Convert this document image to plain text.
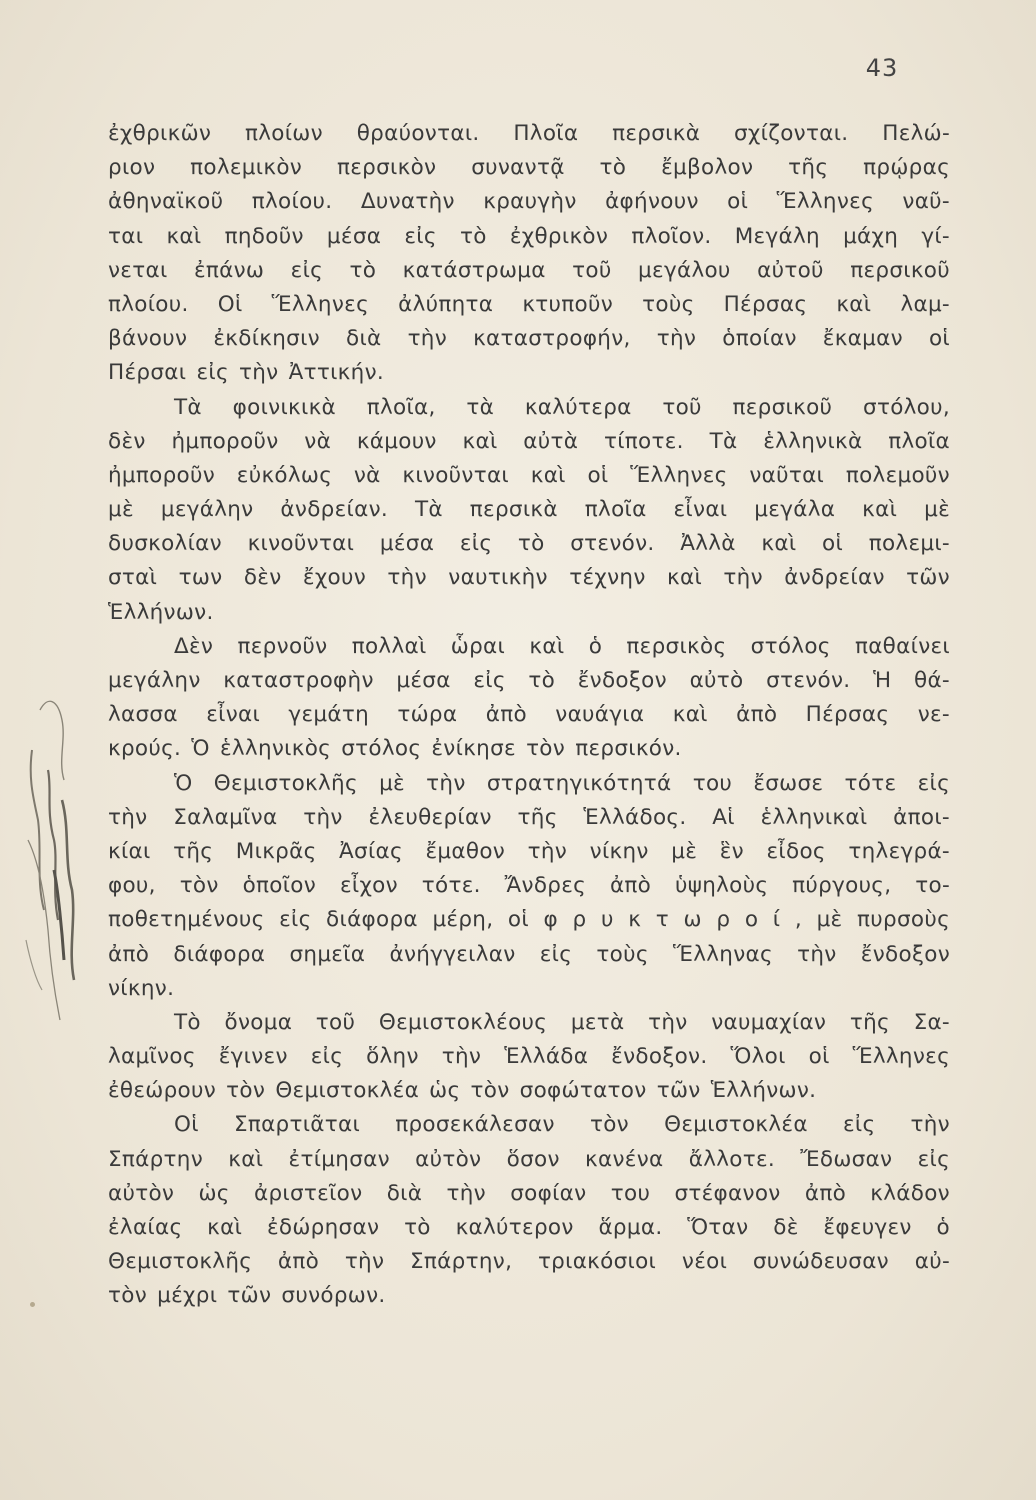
43
ἐχθρικῶν πλοίων θραύονται. Πλοῖα περσικὰ σχίζονται. Πελώ-
ριον πολεμικὸν περσικὸν συναντᾷ τὸ ἔμβολον τῆς πρῴρας
ἀθηναϊκοῦ πλοίου. Δυνατὴν κραυγὴν ἀφήνουν οἱ Ἕλληνες ναῦ-
ται καὶ πηδοῦν μέσα εἰς τὸ ἐχθρικὸν πλοῖον. Μεγάλη μάχη γί-
νεται ἐπάνω εἰς τὸ κατάστρωμα τοῦ μεγάλου αὐτοῦ περσικοῦ
πλοίου. Οἱ Ἕλληνες ἀλύπητα κτυποῦν τοὺς Πέρσας καὶ λαμ-
βάνουν ἐκδίκησιν διὰ τὴν καταστροφήν, τὴν ὁποίαν ἔκαμαν οἱ
Πέρσαι εἰς τὴν Ἀττικήν.
Τὰ φοινικικὰ πλοῖα, τὰ καλύτερα τοῦ περσικοῦ στόλου,
δὲν ἠμποροῦν νὰ κάμουν καὶ αὐτὰ τίποτε. Τὰ ἑλληνικὰ πλοῖα
ἠμποροῦν εὐκόλως νὰ κινοῦνται καὶ οἱ Ἕλληνες ναῦται πολεμοῦν
μὲ μεγάλην ἀνδρείαν. Τὰ περσικὰ πλοῖα εἶναι μεγάλα καὶ μὲ
δυσκολίαν κινοῦνται μέσα εἰς τὸ στενόν. Ἀλλὰ καὶ οἱ πολεμι-
σταὶ των δὲν ἔχουν τὴν ναυτικὴν τέχνην καὶ τὴν ἀνδρείαν τῶν
Ἑλλήνων.
Δὲν περνοῦν πολλαὶ ὧραι καὶ ὁ περσικὸς στόλος παθαίνει
μεγάλην καταστροφὴν μέσα εἰς τὸ ἔνδοξον αὐτὸ στενόν. Ἡ θά-
λασσα εἶναι γεμάτη τώρα ἀπὸ ναυάγια καὶ ἀπὸ Πέρσας νε-
κρούς. Ὁ ἑλληνικὸς στόλος ἐνίκησε τὸν περσικόν.
Ὁ Θεμιστοκλῆς μὲ τὴν στρατηγικότητά του ἔσωσε τότε εἰς
τὴν Σαλαμῖνα τὴν ἐλευθερίαν τῆς Ἑλλάδος. Αἱ ἑλληνικαὶ ἀποι-
κίαι τῆς Μικρᾶς Ἀσίας ἔμαθον τὴν νίκην μὲ ἓν εἶδος τηλεγρά-
φου, τὸν ὁποῖον εἶχον τότε. Ἄνδρες ἀπὸ ὑψηλοὺς πύργους, το-
ποθετημένους εἰς διάφορα μέρη, οἱ φ ρ υ κ τ ω ρ ο ί , μὲ πυρσοὺς
ἀπὸ διάφορα σημεῖα ἀνήγγειλαν εἰς τοὺς Ἕλληνας τὴν ἔνδοξον
νίκην.
Τὸ ὄνομα τοῦ Θεμιστοκλέους μετὰ τὴν ναυμαχίαν τῆς Σα-
λαμῖνος ἔγινεν εἰς ὅλην τὴν Ἑλλάδα ἔνδοξον. Ὅλοι οἱ Ἕλληνες
ἐθεώρουν τὸν Θεμιστοκλέα ὡς τὸν σοφώτατον τῶν Ἑλλήνων.
Οἱ Σπαρτιᾶται προσεκάλεσαν τὸν Θεμιστοκλέα εἰς τὴν
Σπάρτην καὶ ἐτίμησαν αὐτὸν ὅσον κανένα ἄλλοτε. Ἔδωσαν εἰς
αὐτὸν ὡς ἀριστεῖον διὰ τὴν σοφίαν του στέφανον ἀπὸ κλάδον
ἐλαίας καὶ ἐδώρησαν τὸ καλύτερον ἅρμα. Ὅταν δὲ ἔφευγεν ὁ
Θεμιστοκλῆς ἀπὸ τὴν Σπάρτην, τριακόσιοι νέοι συνώδευσαν αὐ-
τὸν μέχρι τῶν συνόρων.
